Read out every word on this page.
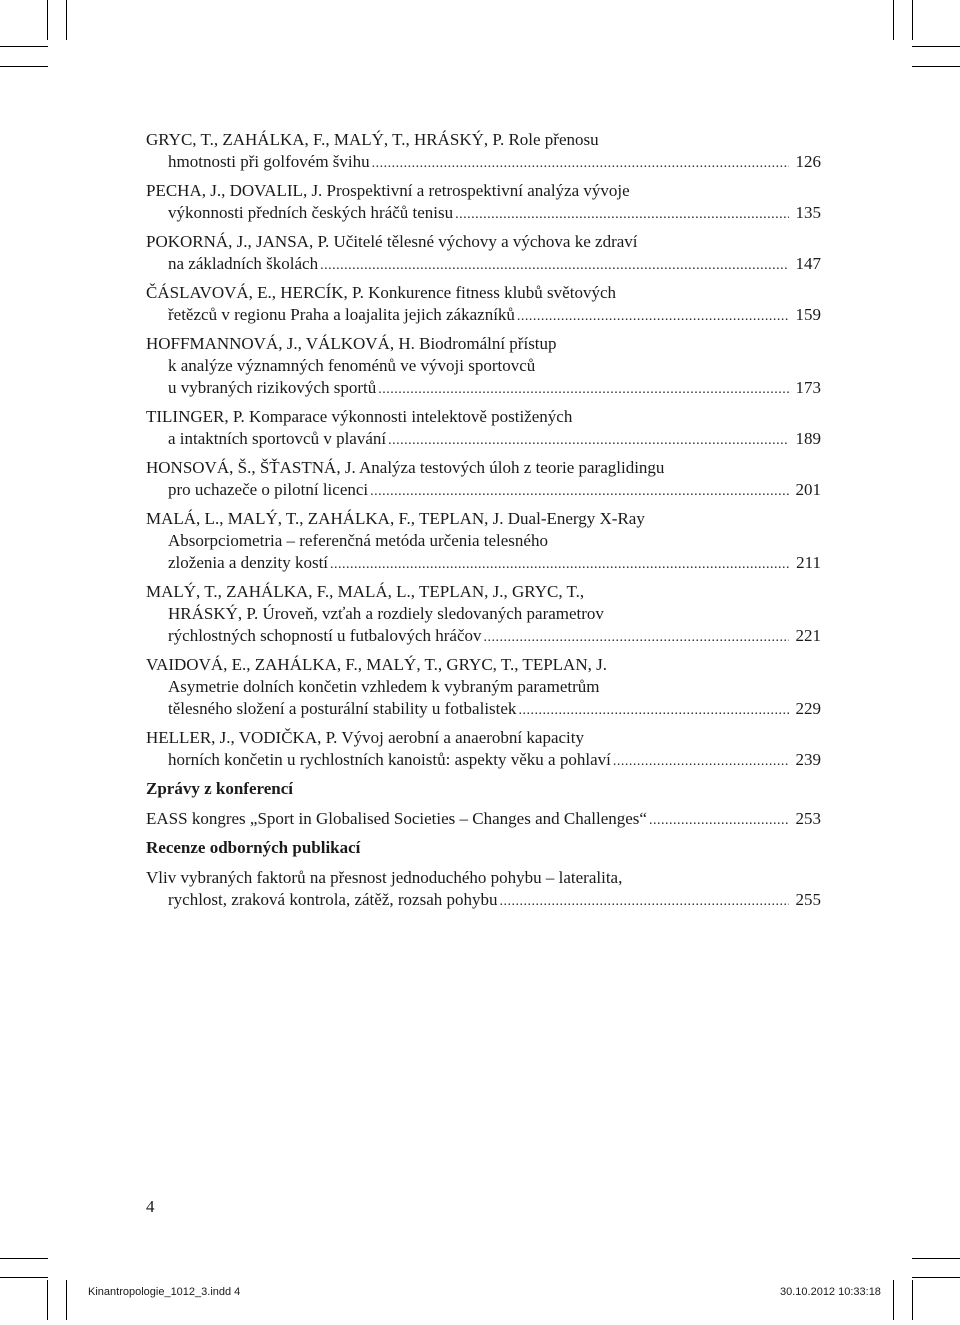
GRYC, T., ZAHÁLKA, F., MALÝ, T., HRÁSKÝ, P. Role přenosu
hmotnosti při golfovém švihu .....	126
PECHA, J., DOVALIL, J. Prospektivní a retrospektivní analýza vývoje
výkonnosti předních českých hráčů tenisu .....	135
POKORNÁ, J., JANSA, P. Učitelé tělesné výchovy a výchova ke zdraví
na základních školách .....	147
ČÁSLAVOVÁ, E., HERCÍK, P. Konkurence fitness klubů světových
řetězců v regionu Praha a loajalita jejich zákazníků .....	159
HOFFMANNOVÁ, J., VÁLKOVÁ, H. Biodromální přístup
k analýze významných fenoménů ve vývoji sportovců
u vybraných rizikových sportů .....	173
TILINGER, P. Komparace výkonnosti intelektově postižených
a intaktních sportovců v plavání .....	189
HONSOVÁ, Š., ŠŤASTNÁ, J. Analýza testových úloh z teorie paraglidingu
pro uchazeče o pilotní licenci .....	201
MALÁ, L., MALÝ, T., ZAHÁLKA, F., TEPLAN, J. Dual-Energy X-Ray
Absorpciometria – referenčná metóda určenia telesného
zloženia a denzity kostí .....	211
MALÝ, T., ZAHÁLKA, F., MALÁ, L., TEPLAN, J., GRYC, T.,
HRÁSKÝ, P. Úroveň, vzťah a rozdiely sledovaných parametrov
rýchlostných schopností u futbalových hráčov .....	221
VAIDOVÁ, E., ZAHÁLKA, F., MALÝ, T., GRYC, T., TEPLAN, J.
Asymetrie dolních končetin vzhledem k vybraným parametrům
tělesného složení a posturální stability u fotbalistek .....	229
HELLER, J., VODIČKA, P. Vývoj aerobní a anaerobní kapacity
horních končetin u rychlostních kanoistů: aspekty věku a pohlaví .....	239
Zprávy z konferencí
EASS kongres „Sport in Globalised Societies – Changes and Challenges“ .....	253
Recenze odborných publikací
Vliv vybraných faktorů na přesnost jednoduchého pohybu – lateralita,
rychlost, zraková kontrola, zátěž, rozsah pohybu .....	255
4
Kinantropologie_1012_3.indd 4	30.10.2012 10:33:18
